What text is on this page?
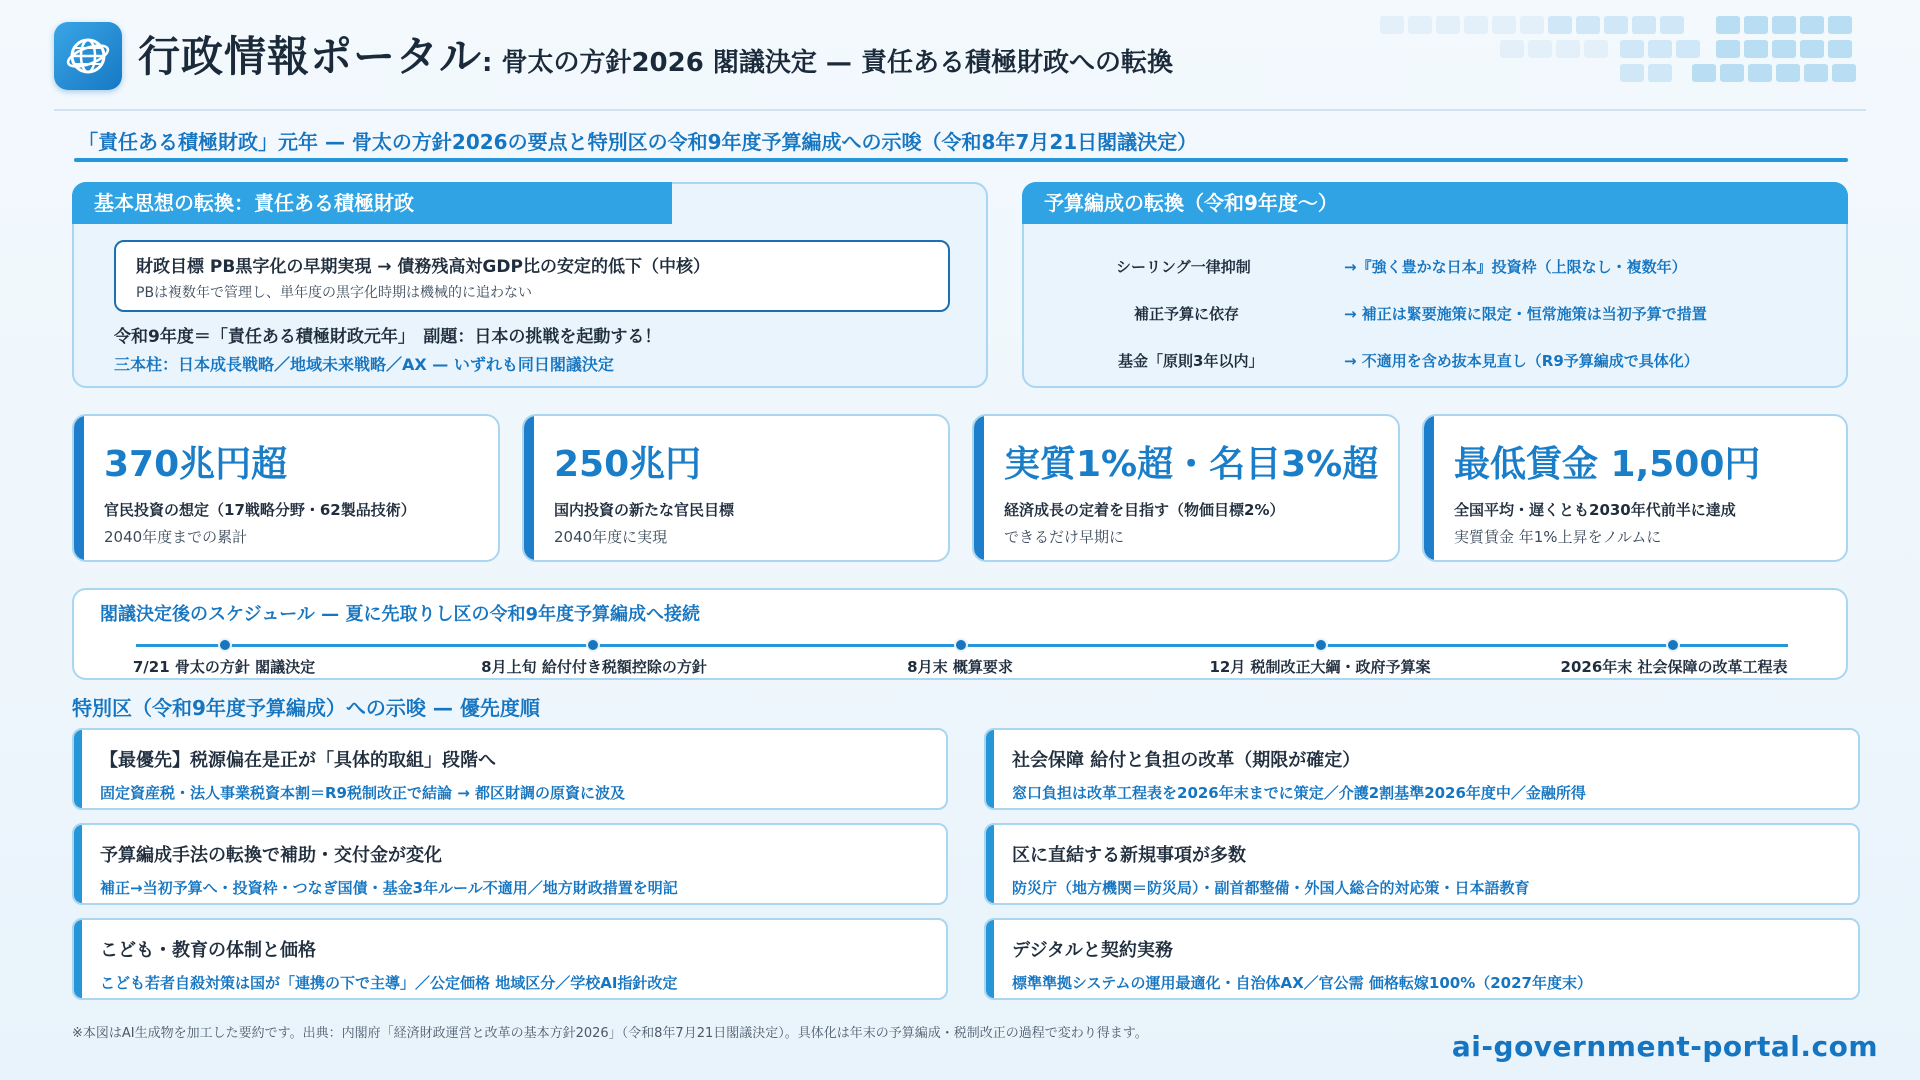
行政情報ポータル: 骨太の方針2026 閣議決定 — 責任ある積極財政への転換
「責任ある積極財政」元年 — 骨太の方針2026の要点と特別区の令和9年度予算編成への示唆（令和8年7月21日閣議決定）
基本思想の転換：責任ある積極財政
財政目標 PB黒字化の早期実現 → 債務残高対GDP比の安定的低下（中核）
PBは複数年で管理し、単年度の黒字化時期は機械的に追わない
令和9年度＝「責任ある積極財政元年」　副題：日本の挑戦を起動する！
三本柱：日本成長戦略／地域未来戦略／AX — いずれも同日閣議決定
予算編成の転換（令和9年度〜）
シーリング一律抑制	→『強く豊かな日本』投資枠（上限なし・複数年）
補正予算に依存	→ 補正は緊要施策に限定・恒常施策は当初予算で措置
基金「原則3年以内」	→ 不適用を含め抜本見直し（R9予算編成で具体化）
370兆円超
官民投資の想定（17戦略分野・62製品技術）
2040年度までの累計
250兆円
国内投資の新たな官民目標
2040年度に実現
実質1%超・名目3%超
経済成長の定着を目指す（物価目標2%）
できるだけ早期に
最低賃金 1,500円
全国平均・遅くとも2030年代前半に達成
実質賃金 年1%上昇をノルムに
閣議決定後のスケジュール — 夏に先取りし区の令和9年度予算編成へ接続
7/21 骨太の方針 閣議決定	8月上旬 給付付き税額控除の方針	8月末 概算要求	12月 税制改正大綱・政府予算案	2026年末 社会保障の改革工程表
特別区（令和9年度予算編成）への示唆 — 優先度順
【最優先】税源偏在是正が「具体的取組」段階へ
固定資産税・法人事業税資本割＝R9税制改正で結論 → 都区財調の原資に波及
社会保障 給付と負担の改革（期限が確定）
窓口負担は改革工程表を2026年末までに策定／介護2割基準2026年度中／金融所得
予算編成手法の転換で補助・交付金が変化
補正→当初予算へ・投資枠・つなぎ国債・基金3年ルール不適用／地方財政措置を明記
区に直結する新規事項が多数
防災庁（地方機関＝防災局）・副首都整備・外国人総合的対応策・日本語教育
こども・教育の体制と価格
こども若者自殺対策は国が「連携の下で主導」／公定価格 地域区分／学校AI指針改定
デジタルと契約実務
標準準拠システムの運用最適化・自治体AX／官公需 価格転嫁100%（2027年度末）
※本図はAI生成物を加工した要約です。出典：内閣府「経済財政運営と改革の基本方針2026」（令和8年7月21日閣議決定）。具体化は年末の予算編成・税制改正の過程で変わり得ます。	ai-government-portal.com
